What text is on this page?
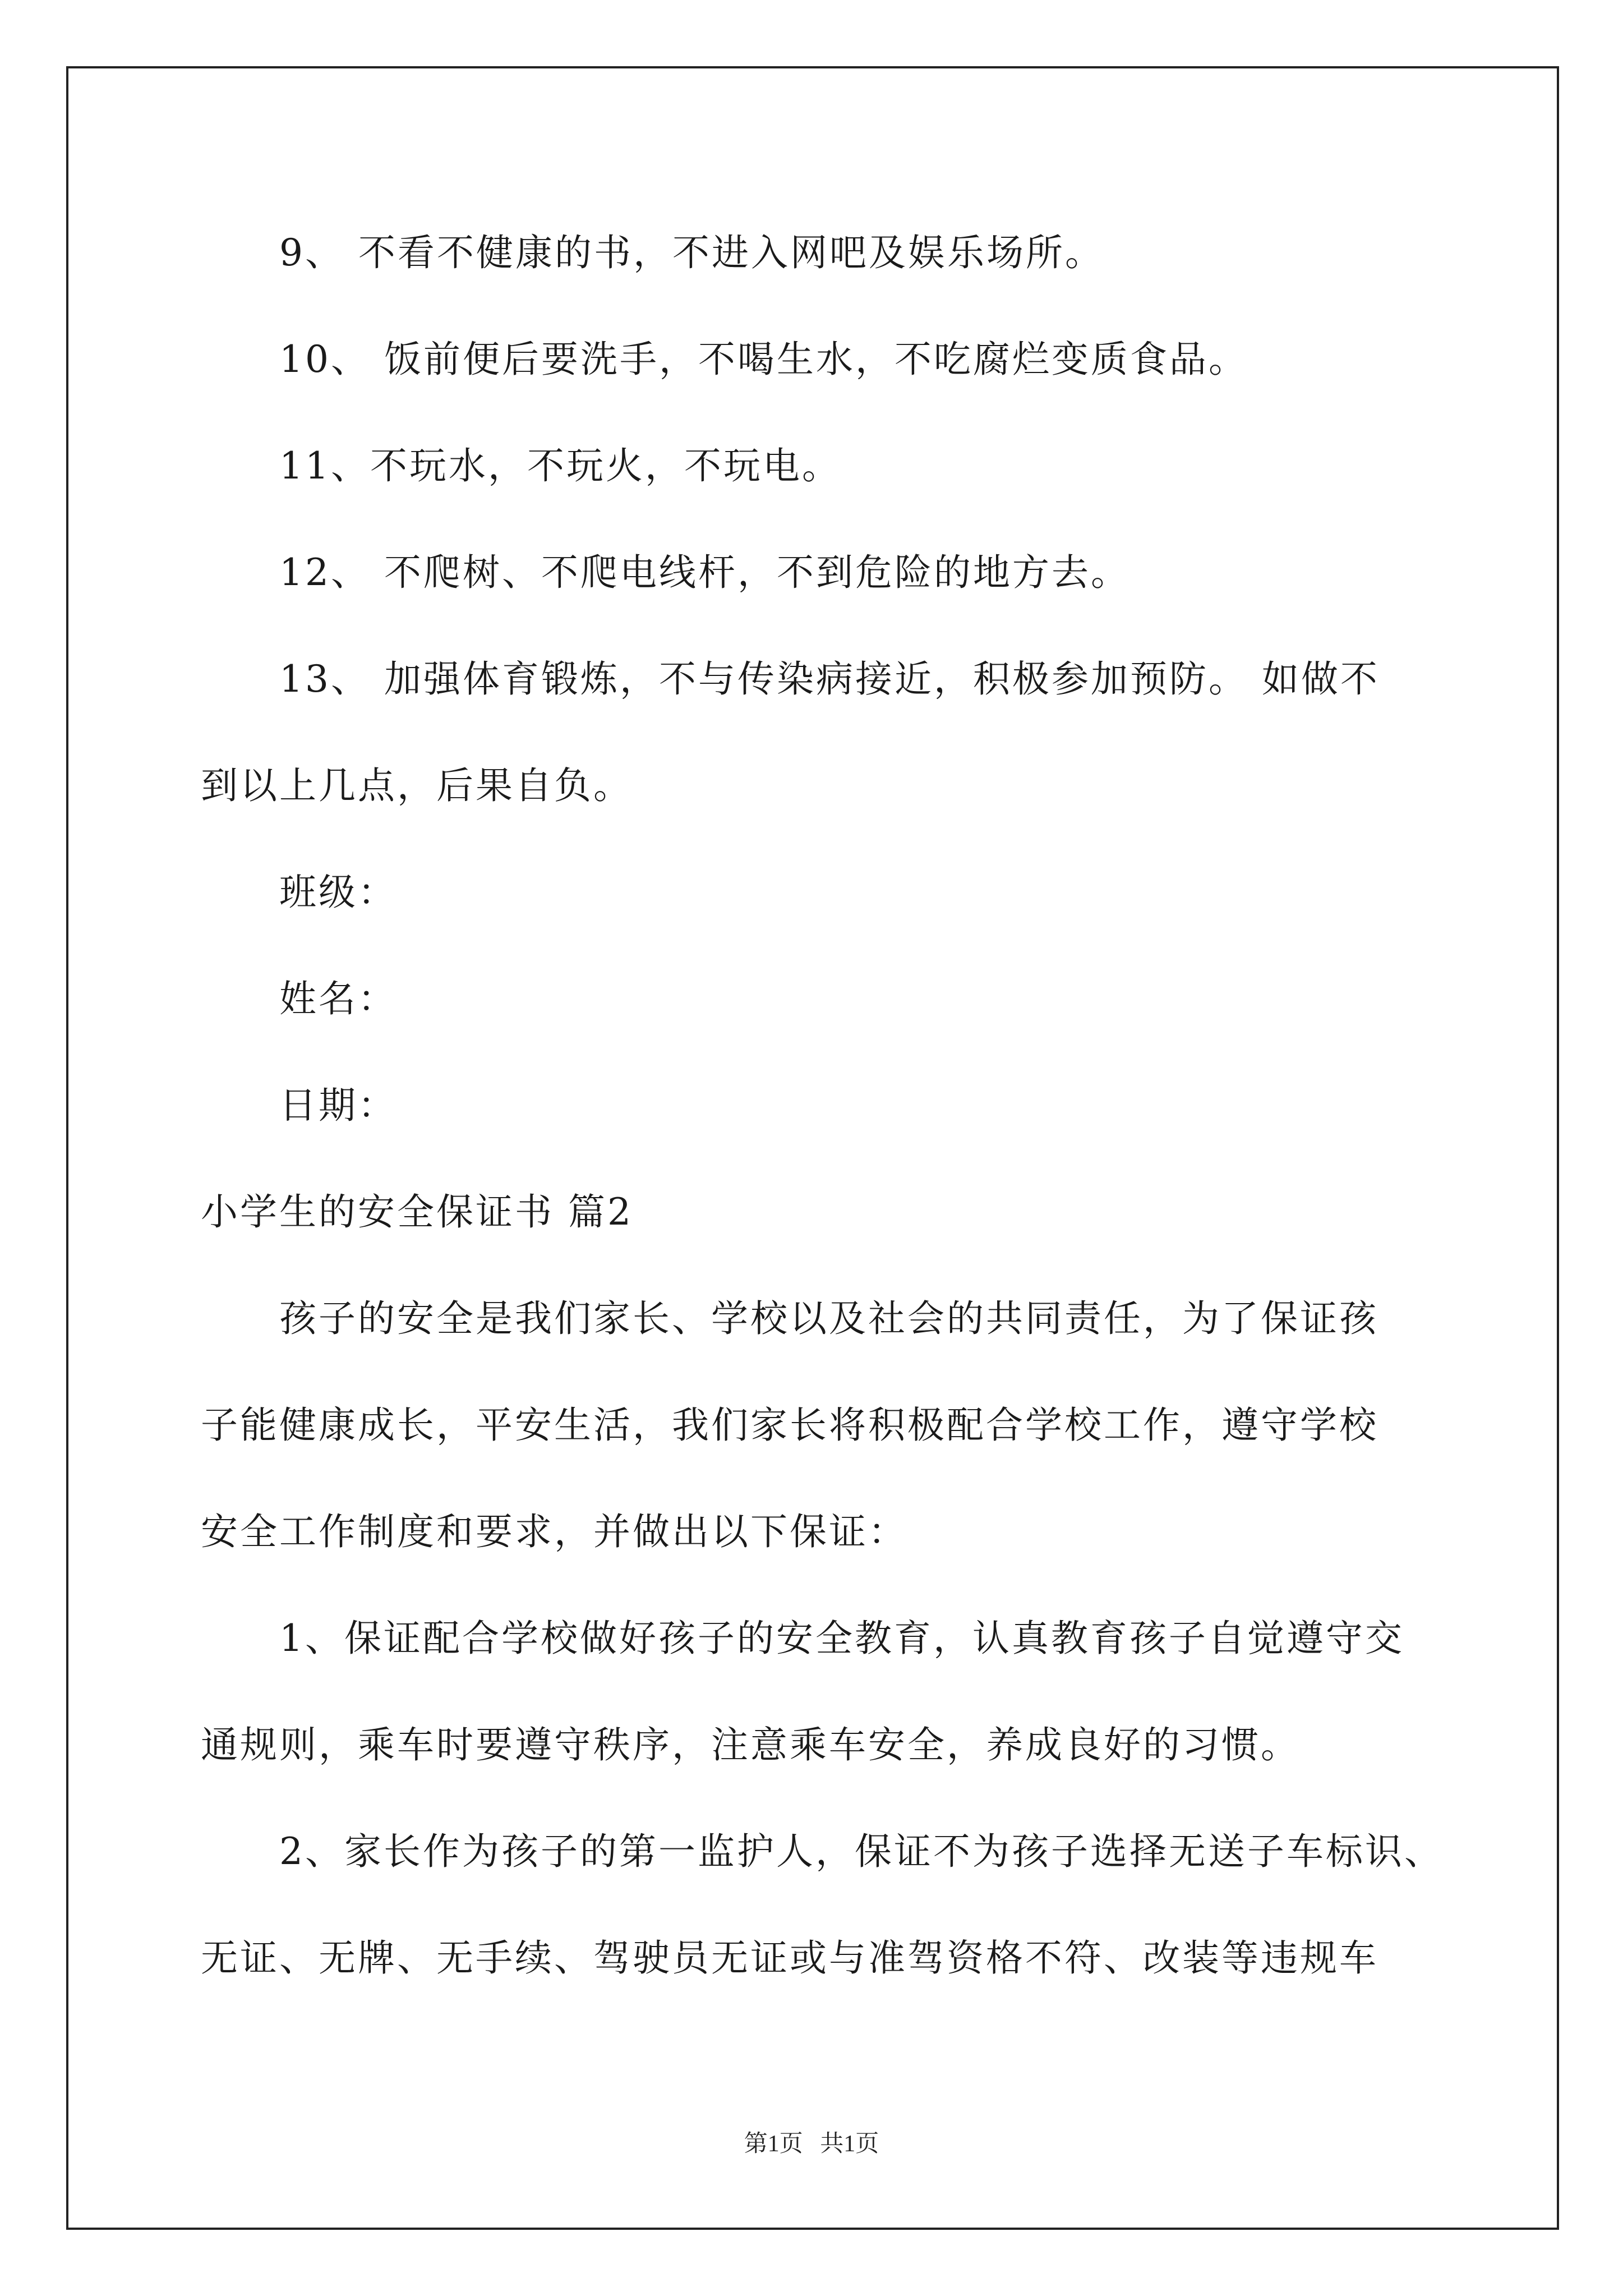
9、 不看不健康的书，不进入网吧及娱乐场所。
10、 饭前便后要洗手，不喝生水，不吃腐烂变质食品。
11、不玩水，不玩火，不玩电。
12、 不爬树、不爬电线杆，不到危险的地方去。
13、 加强体育锻炼，不与传染病接近，积极参加预防。 如做不
到以上几点，后果自负。
班级：
姓名：
日期：
小学生的安全保证书 篇2
孩子的安全是我们家长、学校以及社会的共同责任，为了保证孩
子能健康成长，平安生活，我们家长将积极配合学校工作，遵守学校
安全工作制度和要求，并做出以下保证：
1、保证配合学校做好孩子的安全教育，认真教育孩子自觉遵守交
通规则，乘车时要遵守秩序，注意乘车安全，养成良好的习惯。
2、家长作为孩子的第一监护人，保证不为孩子选择无送子车标识、
无证、无牌、无手续、驾驶员无证或与准驾资格不符、改装等违规车
第1页 共1页
